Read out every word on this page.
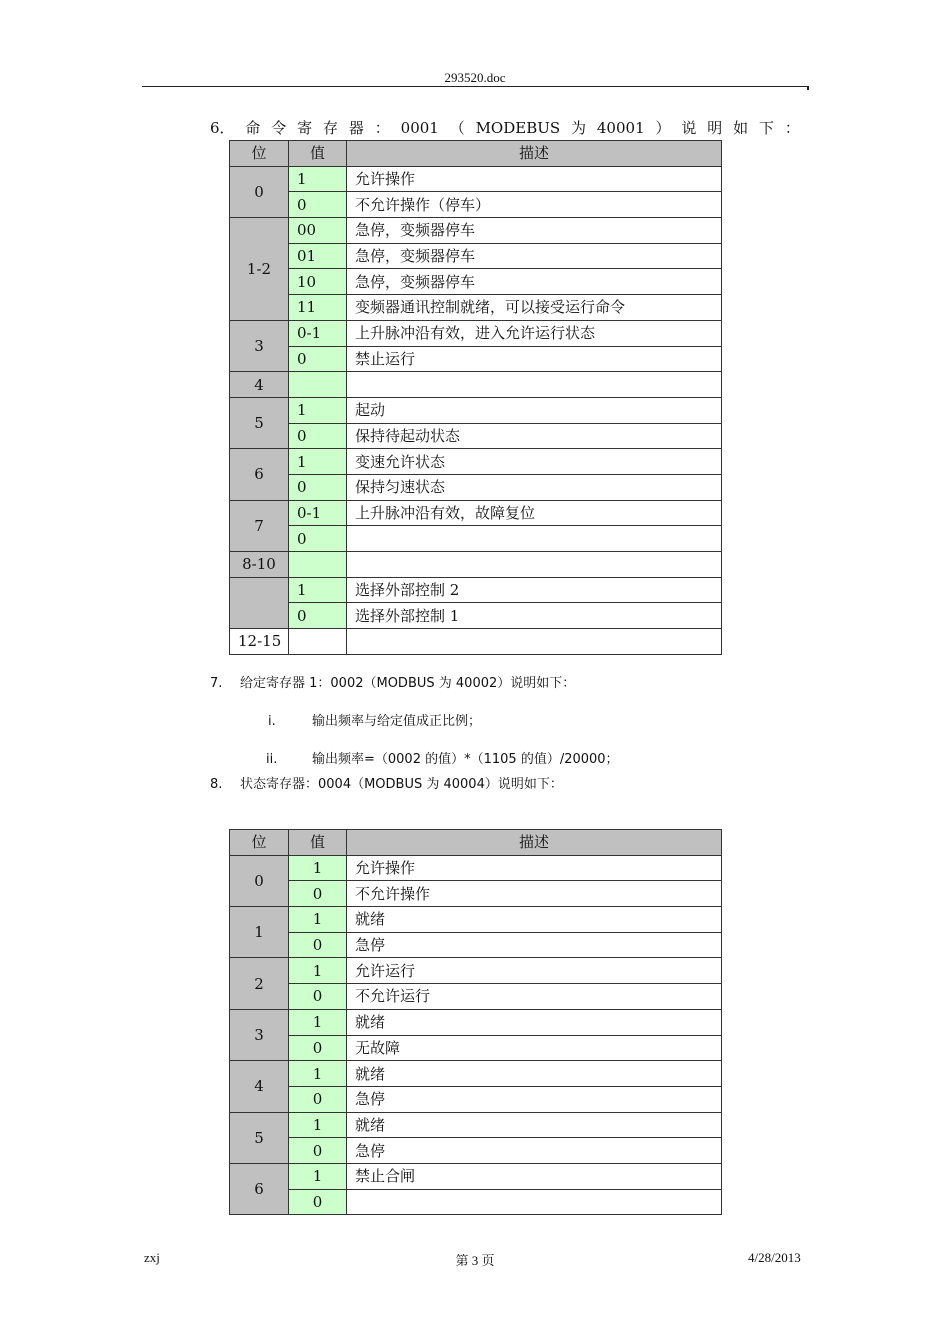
293520.doc
6． 命 令 寄 存 器 ： 0001 （ MODEBUS 为 40001 ） 说 明 如 下 ：
位	值	描述
0	1	允许操作
	0	不允许操作（停车）
1-2	00	急停，变频器停车
	01	急停，变频器停车
	10	急停，变频器停车
	11	变频器通讯控制就绪，可以接受运行命令
3	0-1	上升脉冲沿有效，进入允许运行状态
	0	禁止运行
4		
5	1	起动
	0	保持待起动状态
6	1	变速允许状态
	0	保持匀速状态
7	0-1	上升脉冲沿有效，故障复位
	0	
8-10		
	1	选择外部控制 2
	0	选择外部控制 1
12-15		
7. 给定寄存器 1：0002（MODBUS 为 40002）说明如下：
i.	输出频率与给定值成正比例；
ii.	输出频率=（0002 的值）*（1105 的值）/20000；
8. 状态寄存器：0004（MODBUS 为 40004）说明如下：
位	值	描述
0	1	允许操作
	0	不允许操作
1	1	就绪
	0	急停
2	1	允许运行
	0	不允许运行
3	1	就绪
	0	无故障
4	1	就绪
	0	急停
5	1	就绪
	0	急停
6	1	禁止合闸
	0	
zxj	第 3 页	4/28/2013
